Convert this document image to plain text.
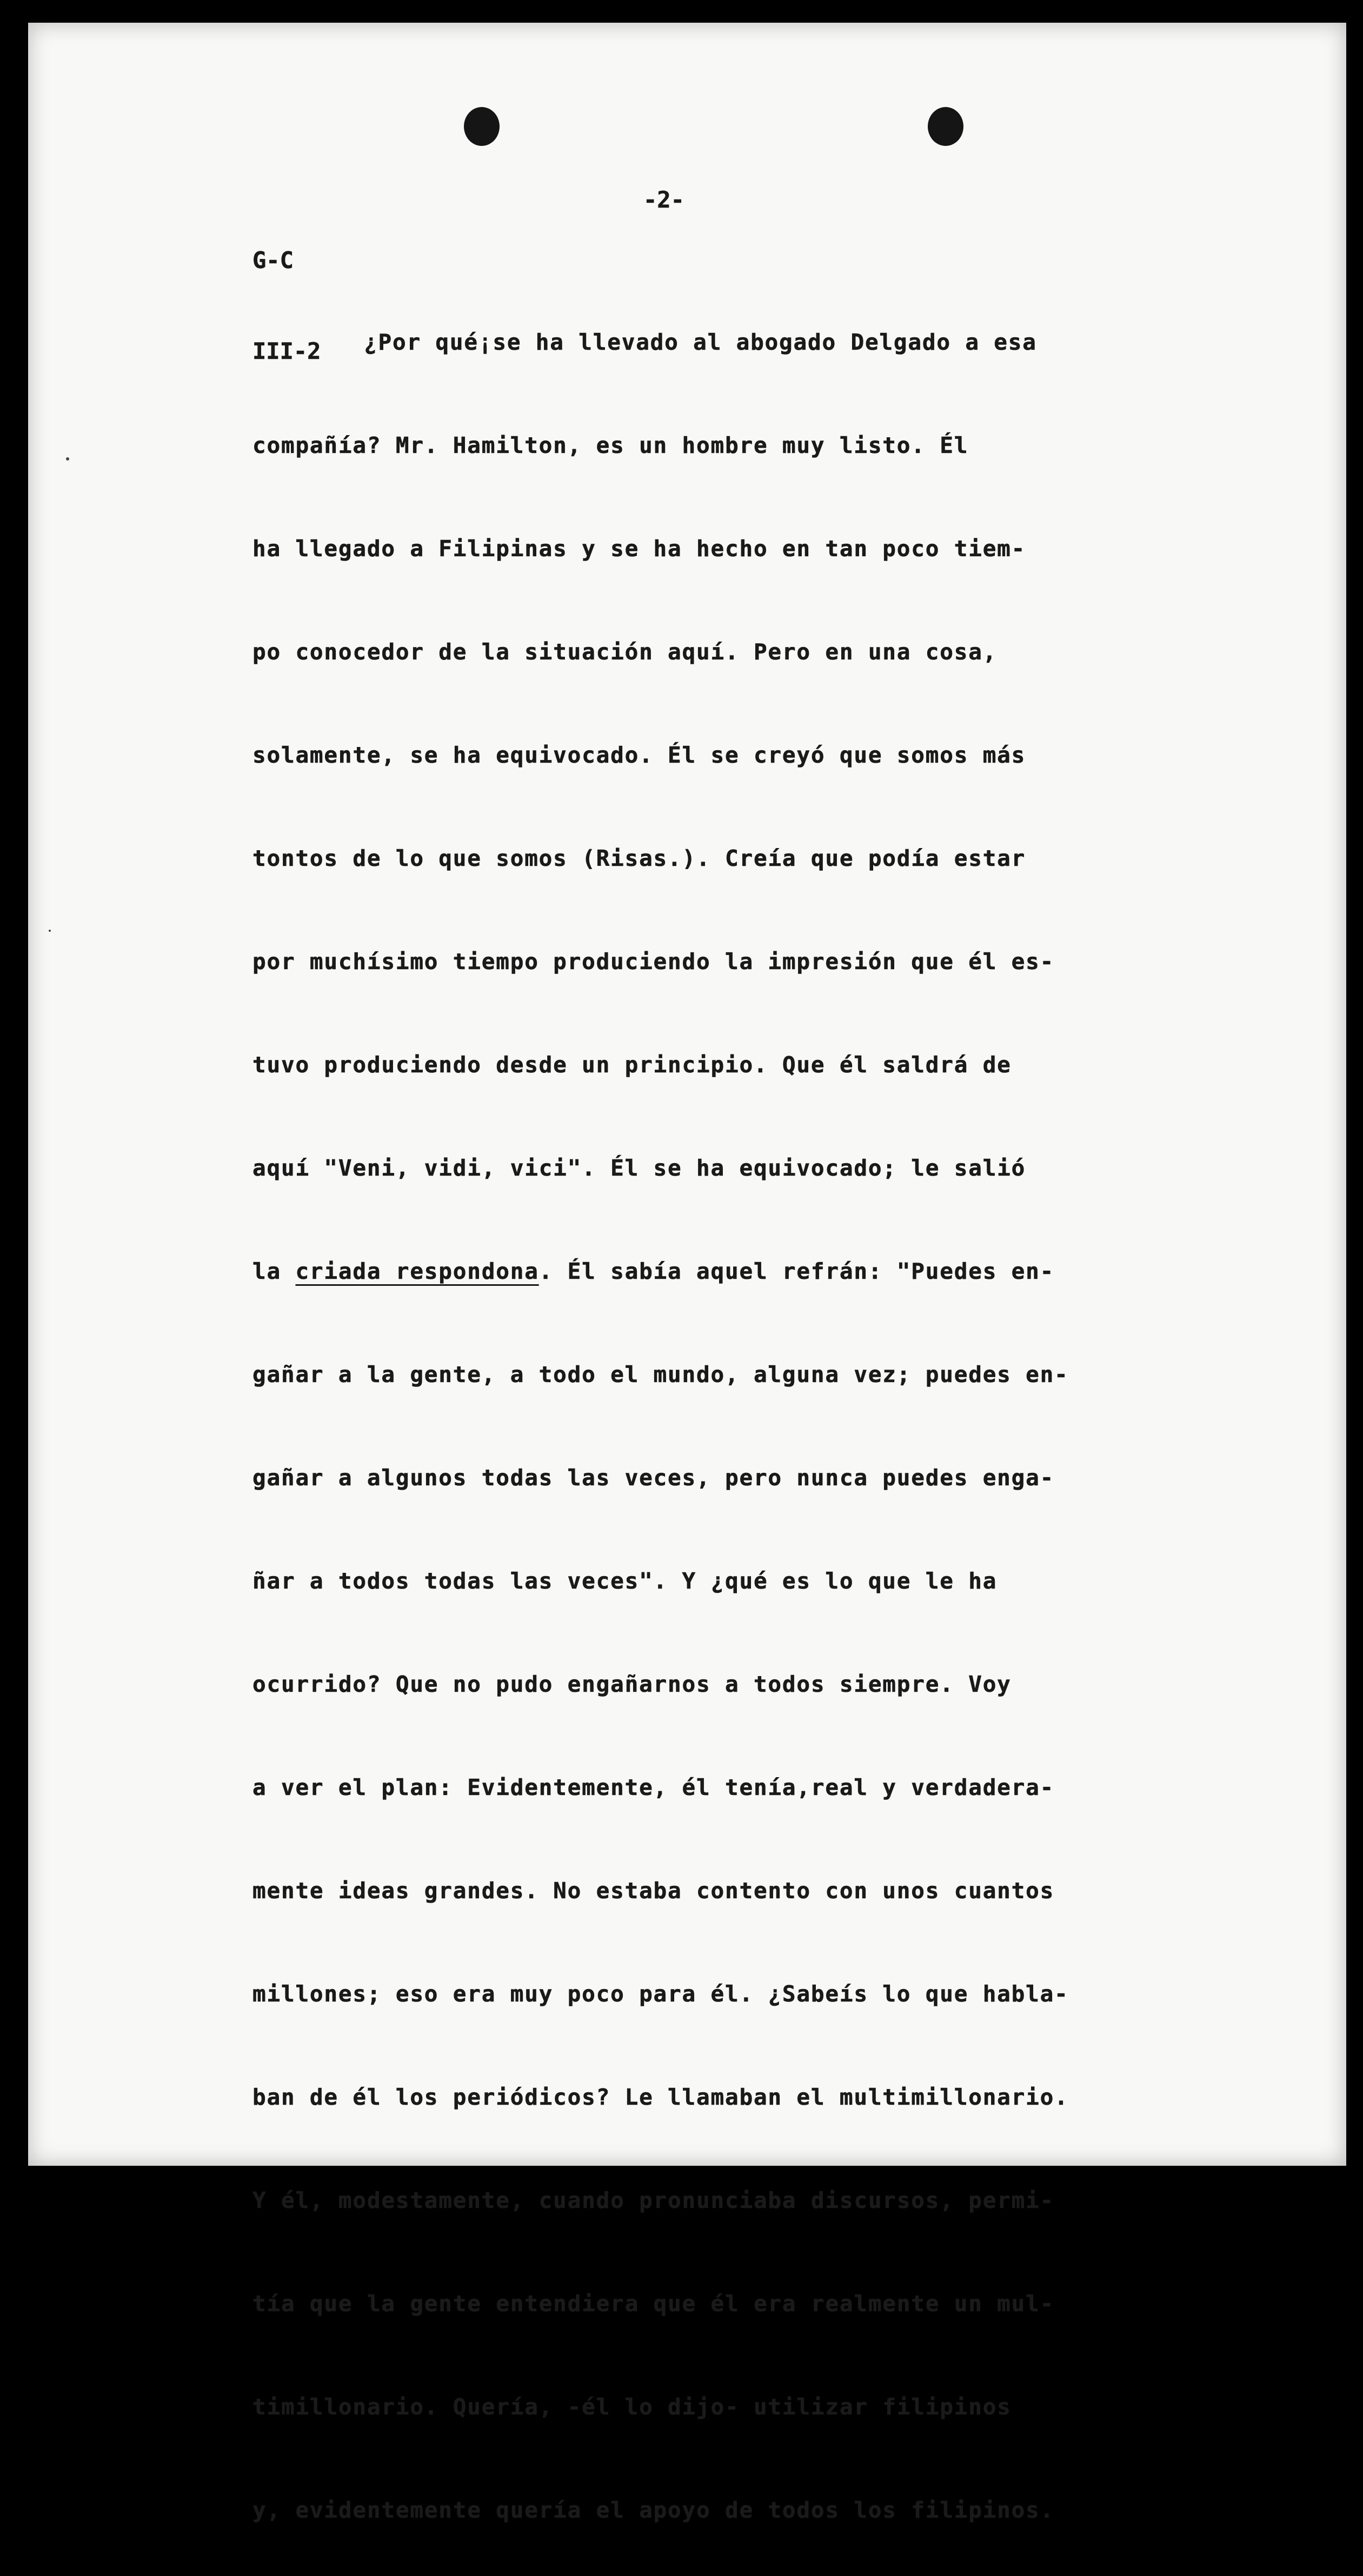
G-C

III-2

-2-

¿Por qué¡se ha llevado al abogado Delgado a esa

compañía? Mr. Hamilton, es un hombre muy listo. Él

ha llegado a Filipinas y se ha hecho en tan poco tiem-

po conocedor de la situación aquí. Pero en una cosa,

solamente, se ha equivocado. Él se creyó que somos más

tontos de lo que somos (Risas.). Creía que podía estar

por muchísimo tiempo produciendo la impresión que él es-

tuvo produciendo desde un principio. Que él saldrá de

aquí "Veni, vidi, vici". Él se ha equivocado; le salió

la criada respondona. Él sabía aquel refrán: "Puedes en-

gañar a la gente, a todo el mundo, alguna vez; puedes en-

gañar a algunos todas las veces, pero nunca puedes enga-

ñar a todos todas las veces". Y ¿qué es lo que le ha

ocurrido? Que no pudo engañarnos a todos siempre. Voy

a ver el plan: Evidentemente, él tenía,real y verdadera-

mente ideas grandes. No estaba contento con unos cuantos

millones; eso era muy poco para él. ¿Sabeís lo que habla-

ban de él los periódicos? Le llamaban el multimillonario.

Y él, modestamente, cuando pronunciaba discursos, permi-

tía que la gente entendiera que él era realmente un mul-

timillonario. Quería, -él lo dijo- utilizar filipinos

y, evidentemente quería el apoyo de todos los filipinos.
